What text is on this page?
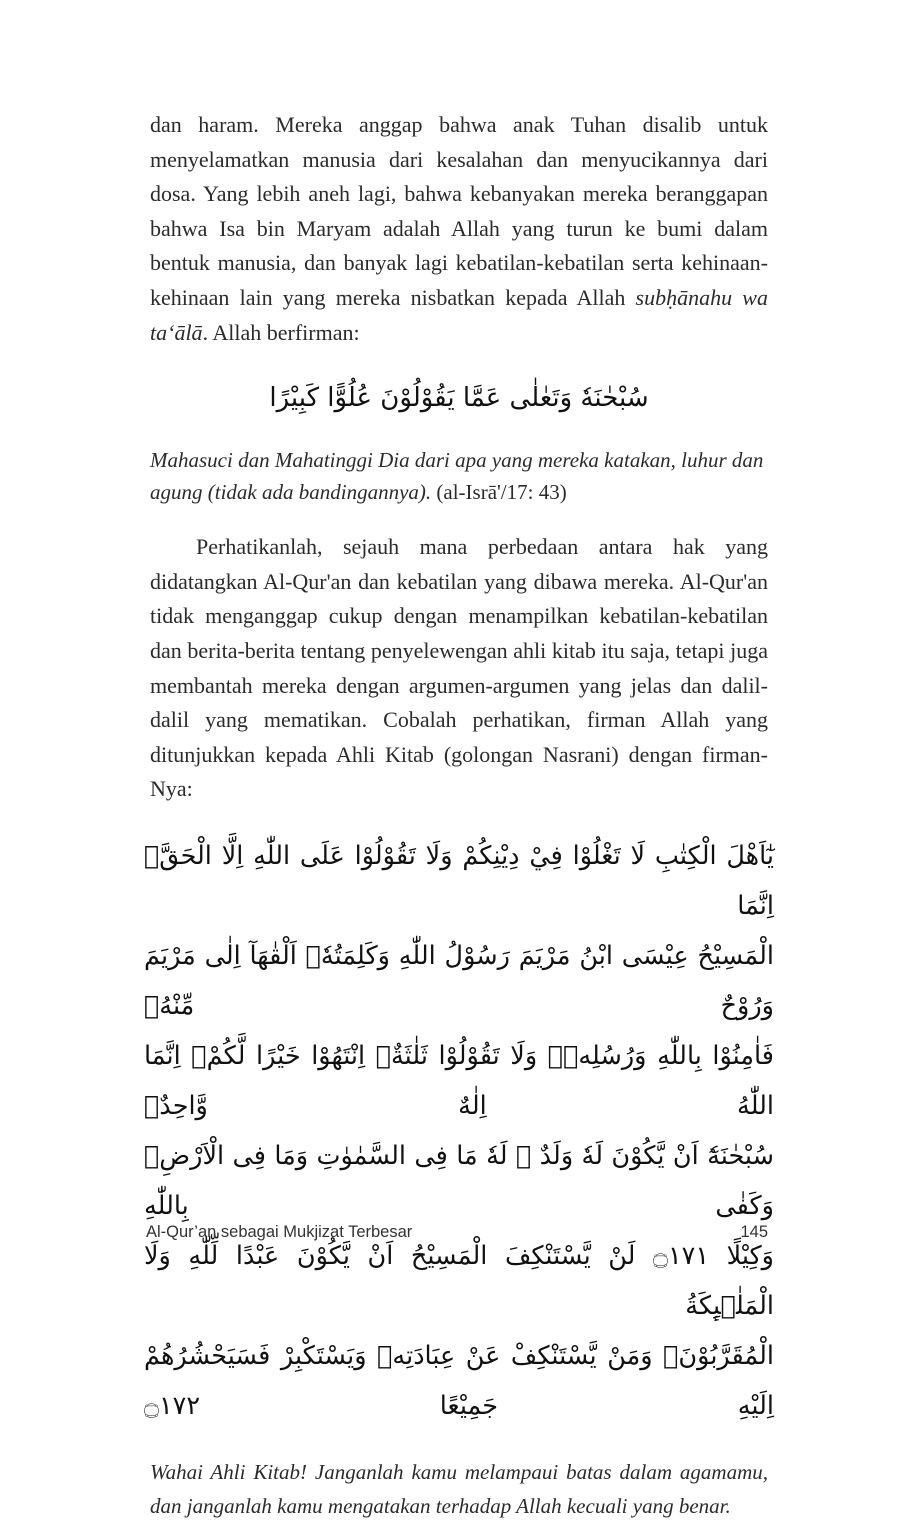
dan haram. Mereka anggap bahwa anak Tuhan disalib untuk menyelamatkan manusia dari kesalahan dan menyucikannya dari dosa. Yang lebih aneh lagi, bahwa kebanyakan mereka beranggapan bahwa Isa bin Maryam adalah Allah yang turun ke bumi dalam bentuk manusia, dan banyak lagi kebatilan-kebatilan serta kehinaan-kehinaan lain yang mereka nisbatkan kepada Allah subḥānahu wa ta‘ālā. Allah berfirman:

سُبْحٰنَهٗ وَتَعٰلٰى عَمَّا يَقُوْلُوْنَ عُلُوًّا كَبِيْرًا

Mahasuci dan Mahatinggi Dia dari apa yang mereka katakan, luhur dan agung (tidak ada bandingannya). (al-Isrā'/17: 43)

Perhatikanlah, sejauh mana perbedaan antara hak yang didatangkan Al-Qur'an dan kebatilan yang dibawa mereka. Al-Qur'an tidak menganggap cukup dengan menampilkan kebatilan-kebatilan dan berita-berita tentang penyelewengan ahli kitab itu saja, tetapi juga membantah mereka dengan argumen-argumen yang jelas dan dalil-dalil yang mematikan. Cobalah perhatikan, firman Allah yang ditunjukkan kepada Ahli Kitab (golongan Nasrani) dengan firman-Nya:

يٰٓاَهْلَ الْكِتٰبِ لَا تَغْلُوْا فِيْ دِيْنِكُمْ وَلَا تَقُوْلُوْا عَلَى اللّٰهِ اِلَّا الْحَقَّۗ اِنَّمَا
الْمَسِيْحُ عِيْسَى ابْنُ مَرْيَمَ رَسُوْلُ اللّٰهِ وَكَلِمَتُهٗۚ اَلْقٰهَآ اِلٰى مَرْيَمَ وَرُوْحٌ مِّنْهُۖ
فَاٰمِنُوْا بِاللّٰهِ وَرُسُلِهٖۗ وَلَا تَقُوْلُوْا ثَلٰثَةٌۗ اِنْتَهُوْا خَيْرًا لَّكُمْۗ اِنَّمَا اللّٰهُ اِلٰهٌ وَّاحِدٌۗ
سُبْحٰنَهٗٓ اَنْ يَّكُوْنَ لَهٗ وَلَدٌ ۘ لَهٗ مَا فِى السَّمٰوٰتِ وَمَا فِى الْاَرْضِۗ وَكَفٰى بِاللّٰهِ
وَكِيْلًا ۝١٧١ لَنْ يَّسْتَنْكِفَ الْمَسِيْحُ اَنْ يَّكُوْنَ عَبْدًا لِّلّٰهِ وَلَا الْمَلٰۤىِٕكَةُ
الْمُقَرَّبُوْنَۗ وَمَنْ يَّسْتَنْكِفْ عَنْ عِبَادَتِهٖ وَيَسْتَكْبِرْ فَسَيَحْشُرُهُمْ اِلَيْهِ جَمِيْعًا ۝١٧٢

Wahai Ahli Kitab! Janganlah kamu melampaui batas dalam agamamu, dan janganlah kamu mengatakan terhadap Allah kecuali yang benar.

Al-Qur’an sebagai Mukjizat Terbesar	145
